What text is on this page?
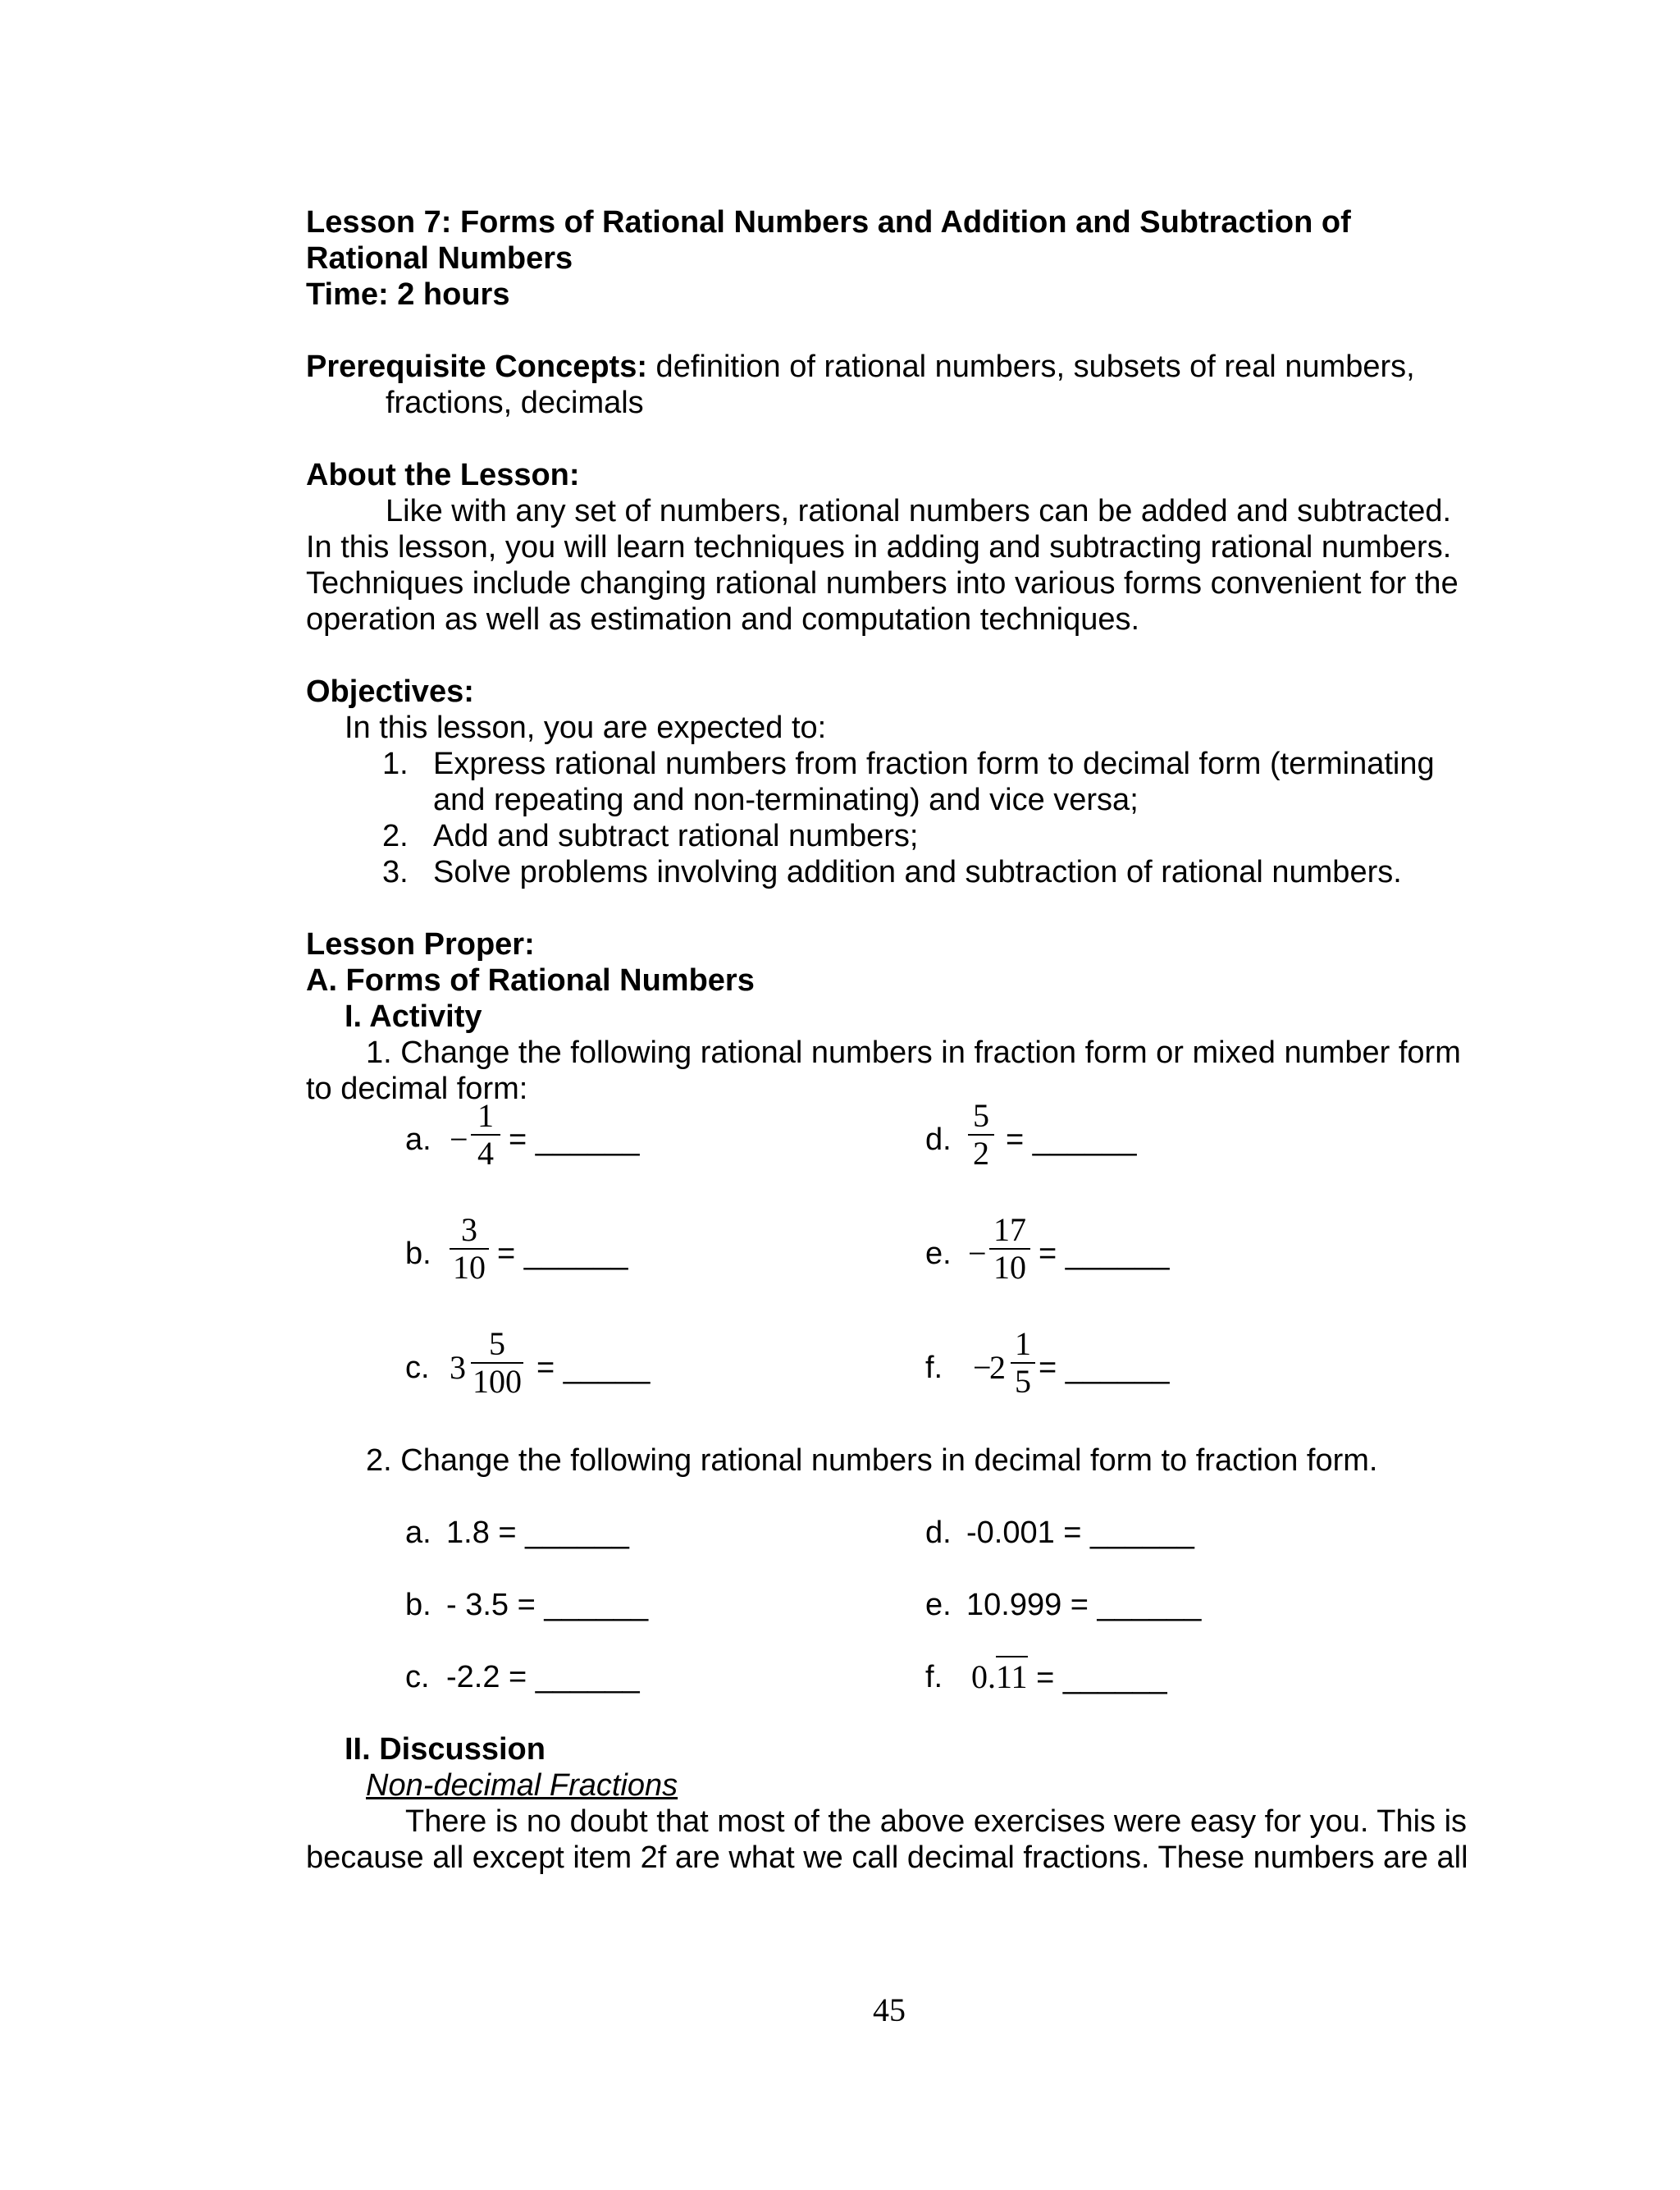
Lesson 7: Forms of Rational Numbers and Addition and Subtraction of
Rational Numbers
Time: 2 hours
Prerequisite Concepts: definition of rational numbers, subsets of real numbers,
fractions, decimals
About the Lesson:
Like with any set of numbers, rational numbers can be added and subtracted.
In this lesson, you will learn techniques in adding and subtracting rational numbers.
Techniques include changing rational numbers into various forms convenient for the
operation as well as estimation and computation techniques.
Objectives:
In this lesson, you are expected to:
1. Express rational numbers from fraction form to decimal form (terminating
and repeating and non-terminating) and vice versa;
2. Add and subtract rational numbers;
3. Solve problems involving addition and subtraction of rational numbers.
Lesson Proper:
A. Forms of Rational Numbers
I. Activity
1. Change the following rational numbers in fraction form or mixed number form
to decimal form:
a. −
1
4 = ______
b.
3
10 = ______
c. 3
5
100 = _____
d.
5
2 = ______
e. −
17
10 = ______
f. −
2
1
5 = ______
2. Change the following rational numbers in decimal form to fraction form.
a. 1.8 = ______
b. - 3.5 = ______
c. -2.2 = ______
d. -0.001 = ______
e. 10.999 = ______
f. 0.11 = ______
II. Discussion
Non-decimal Fractions
There is no doubt that most of the above exercises were easy for you. This is
because all except item 2f are what we call decimal fractions. These numbers are all
45
